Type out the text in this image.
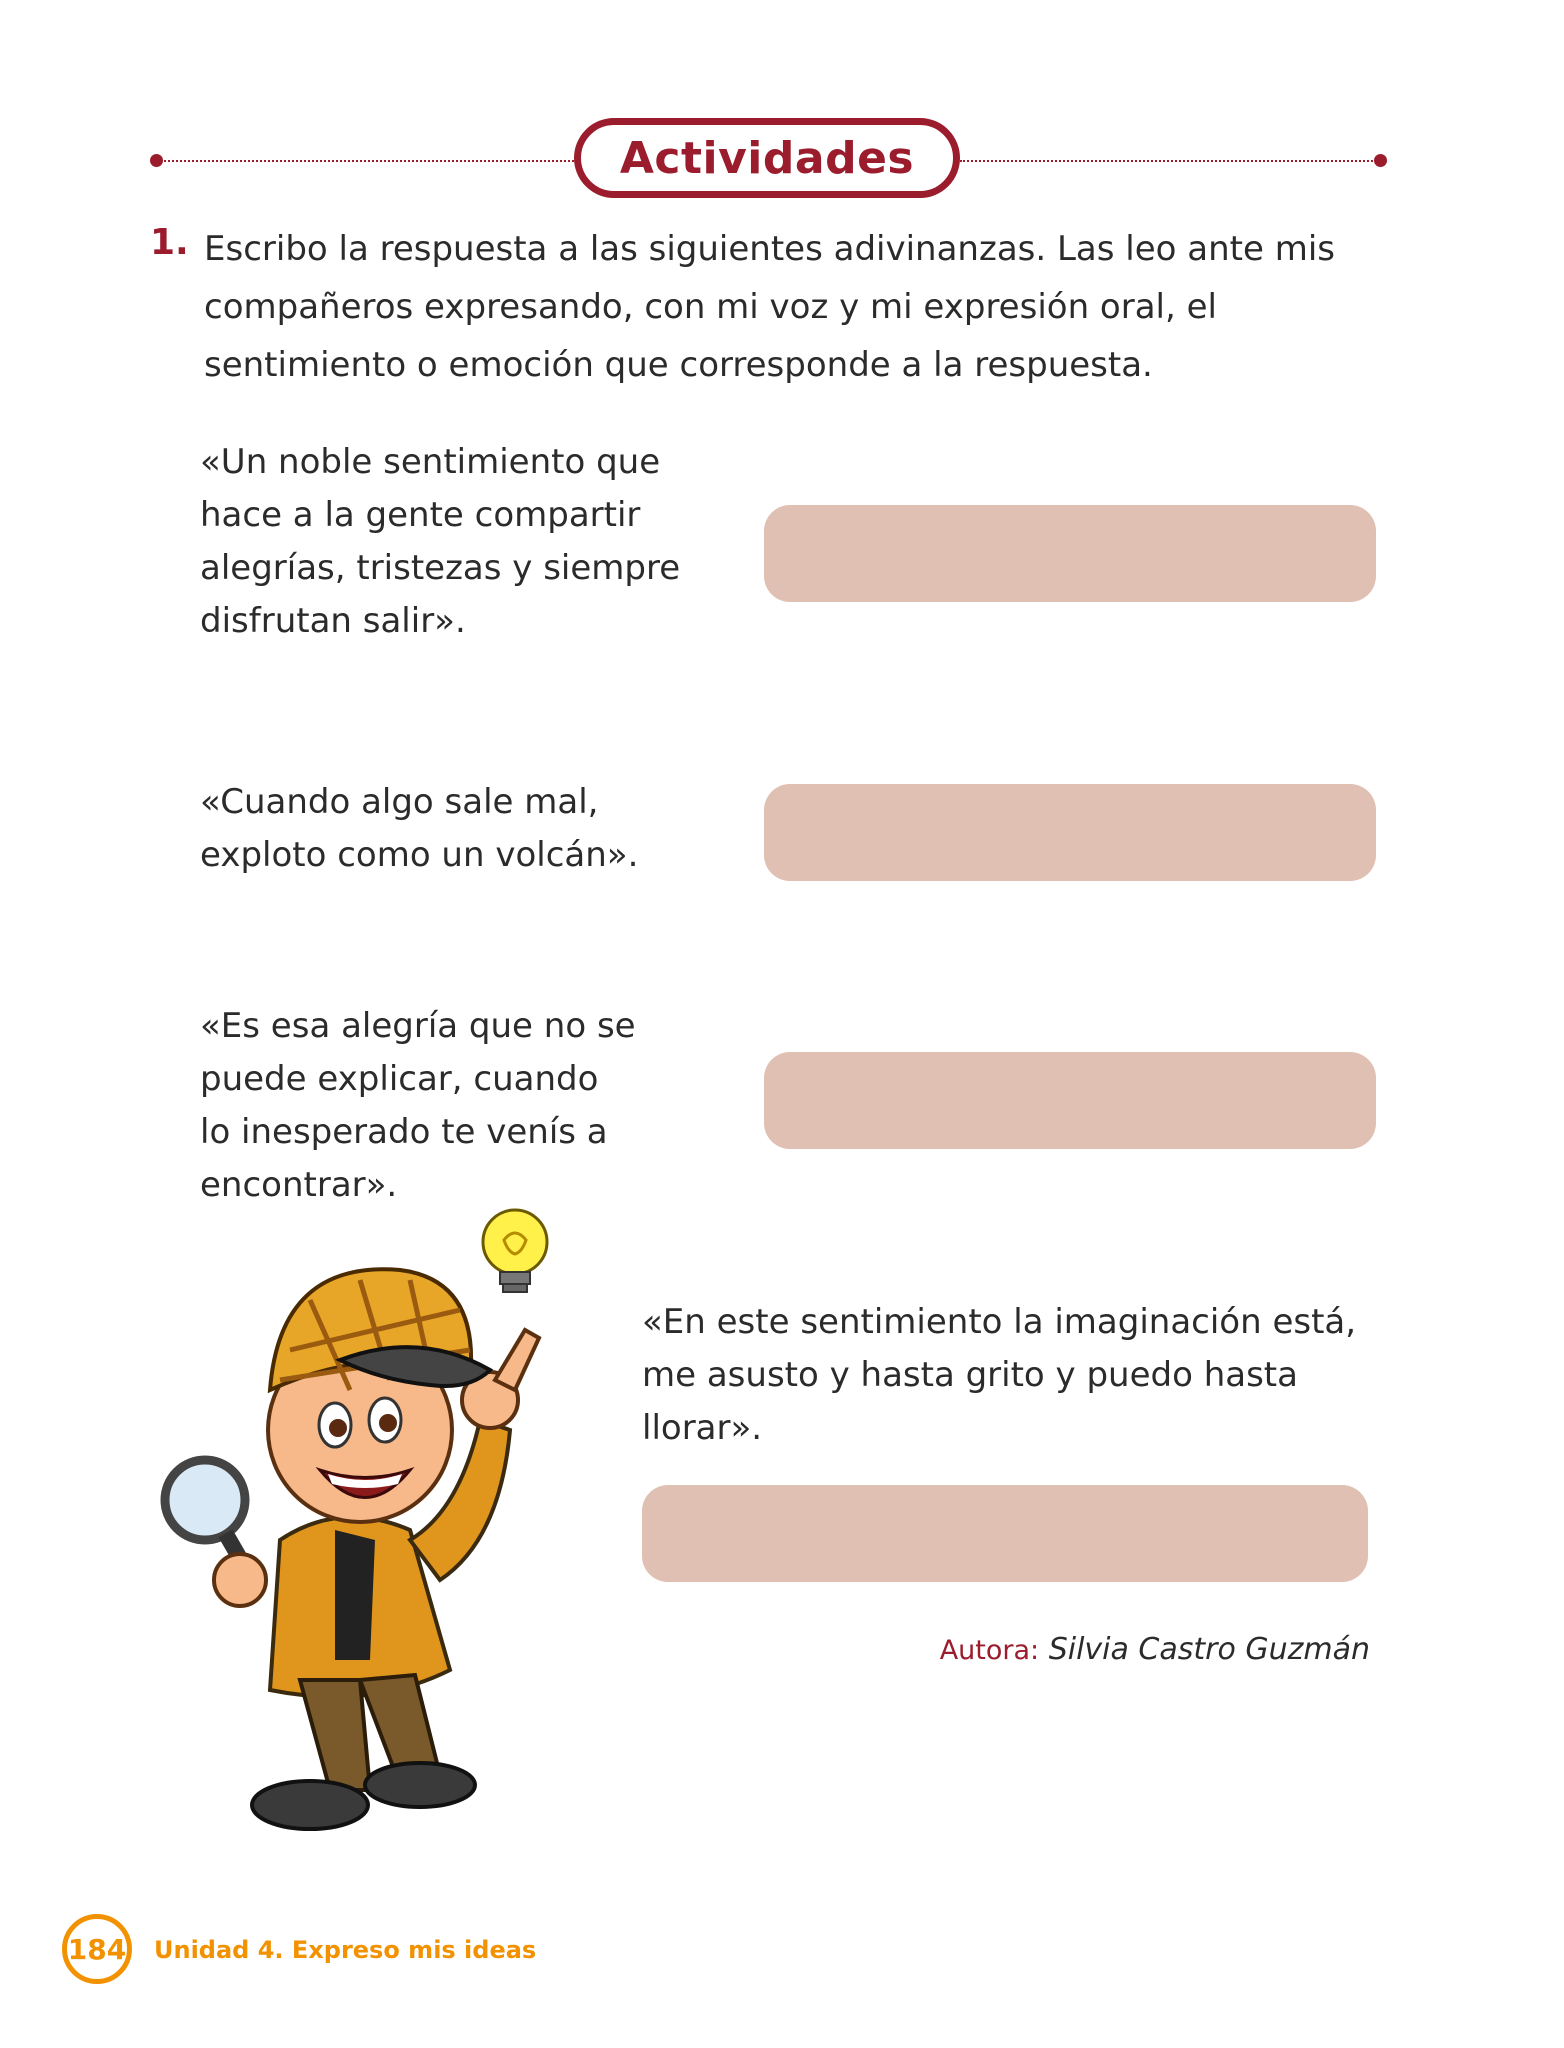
Actividades
1. Escribo la respuesta a las siguientes adivinanzas. Las leo ante mis compañeros expresando, con mi voz y mi expresión oral, el sentimiento o emoción que corresponde a la respuesta.
«Un noble sentimiento que
hace a la gente compartir
alegrías, tristezas y siempre
disfrutan salir».
«Cuando algo sale mal,
exploto como un volcán».
«Es esa alegría que no se
puede explicar, cuando
lo inesperado te venís a
encontrar».
«En este sentimiento la imaginación está,
me asusto y hasta grito y puedo hasta
llorar».
Autora: Silvia Castro Guzmán
184 Unidad 4. Expreso mis ideas
